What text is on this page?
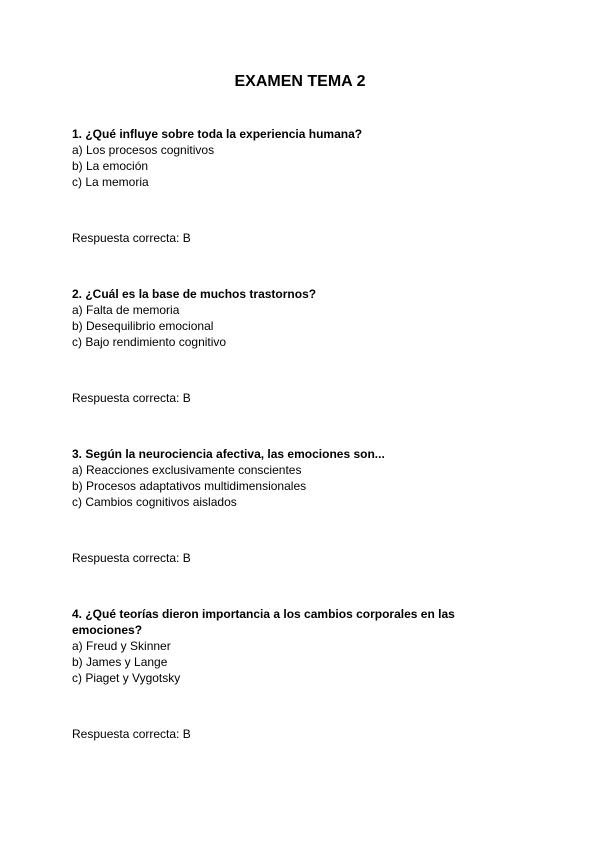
EXAMEN TEMA 2
1. ¿Qué influye sobre toda la experiencia humana?
a) Los procesos cognitivos
b) La emoción
c) La memoria
Respuesta correcta: B
2. ¿Cuál es la base de muchos trastornos?
a) Falta de memoria
b) Desequilibrio emocional
c) Bajo rendimiento cognitivo
Respuesta correcta: B
3. Según la neurociencia afectiva, las emociones son...
a) Reacciones exclusivamente conscientes
b) Procesos adaptativos multidimensionales
c) Cambios cognitivos aislados
Respuesta correcta: B
4. ¿Qué teorías dieron importancia a los cambios corporales en las emociones?
a) Freud y Skinner
b) James y Lange
c) Piaget y Vygotsky
Respuesta correcta: B
